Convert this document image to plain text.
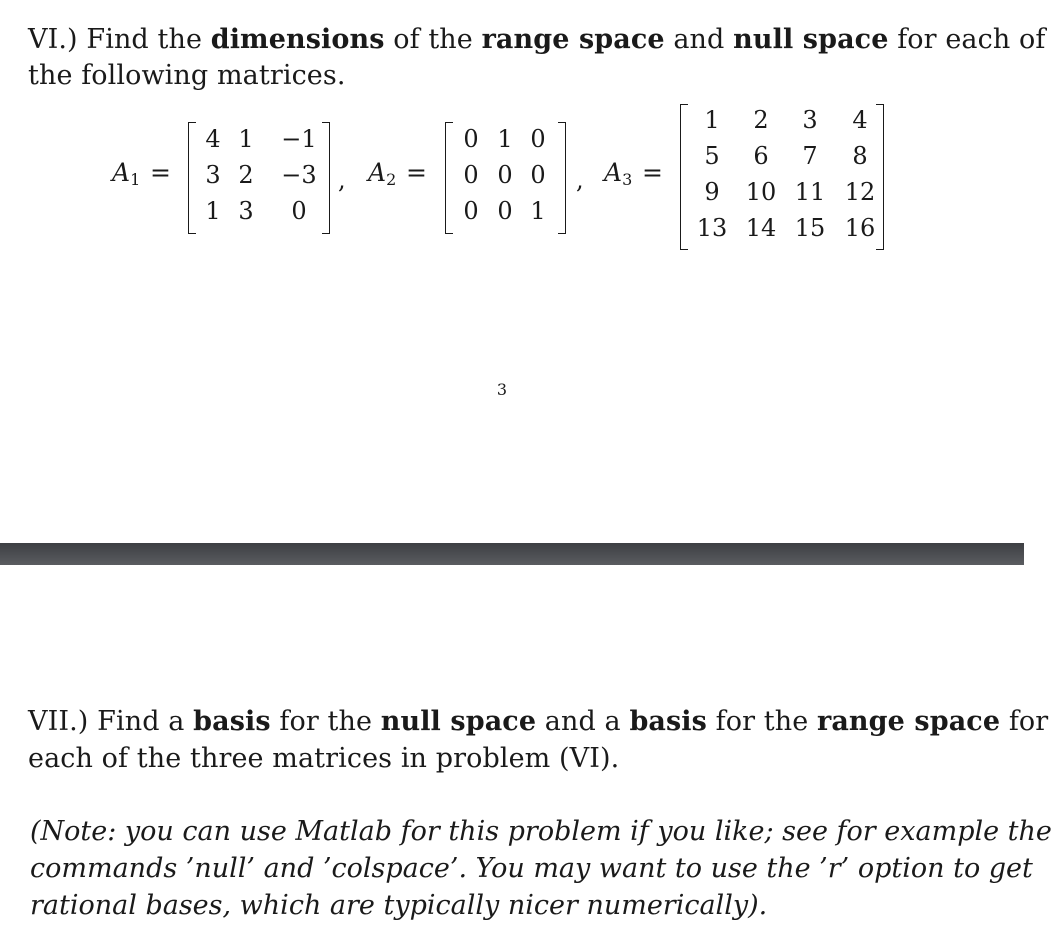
VI.) Find the dimensions of the range space and null space for each of
the following matrices.
$A_1$ =	, $A_2$ =	, $A_3$ =
4 1	−1
3 2	−3
1 3	0
0 1 0
0 0 0
0 0 1
1	2	3	4
5	6	7	8
9	10 11 12
13 14 15 16
3
VII.) Find a basis for the null space and a basis for the range space for
each of the three matrices in problem (VI).
(Note: you can use Matlab for this problem if you like; see for example the
commands ’null’ and ’colspace’. You may want to use the ’r’ option to get
rational bases, which are typically nicer numerically).
